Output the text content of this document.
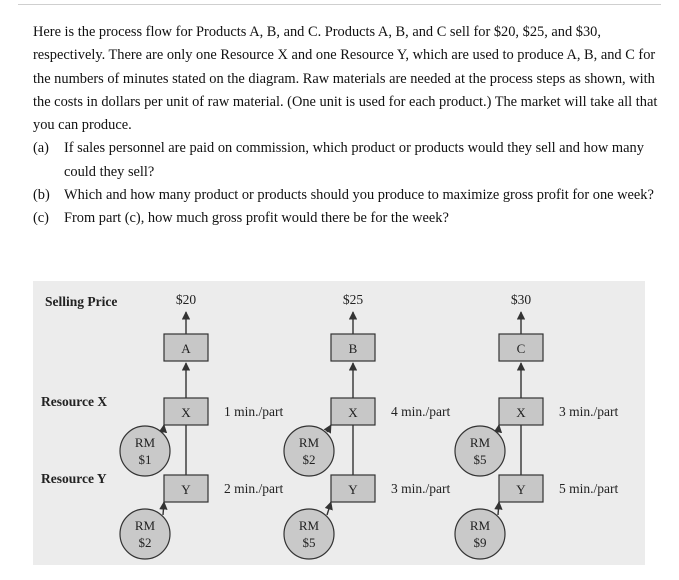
Here is the process flow for Products A, B, and C. Products A, B, and C sell for $20, $25, and $30, respectively. There are only one Resource X and one Resource Y, which are used to produce A, B, and C for the numbers of minutes stated on the diagram. Raw materials are needed at the process steps as shown, with the costs in dollars per unit of raw material. (One unit is used for each product.) The market will take all that you can produce.

(a) If sales personnel are paid on commission, which product or products would they sell and how many could they sell?
(b) Which and how many product or products should you produce to maximize gross profit for one week?
(c) From part (c), how much gross profit would there be for the week?
Selling Price
Resource X
Resource Y
$20
A
X 1 min./part
Y 2 min./part
RM
$1
RM
$2
$25
B
X 4 min./part
Y 3 min./part
RM
$2
RM
$5
$30
C
X 3 min./part
Y 5 min./part
RM
$5
RM
$9
